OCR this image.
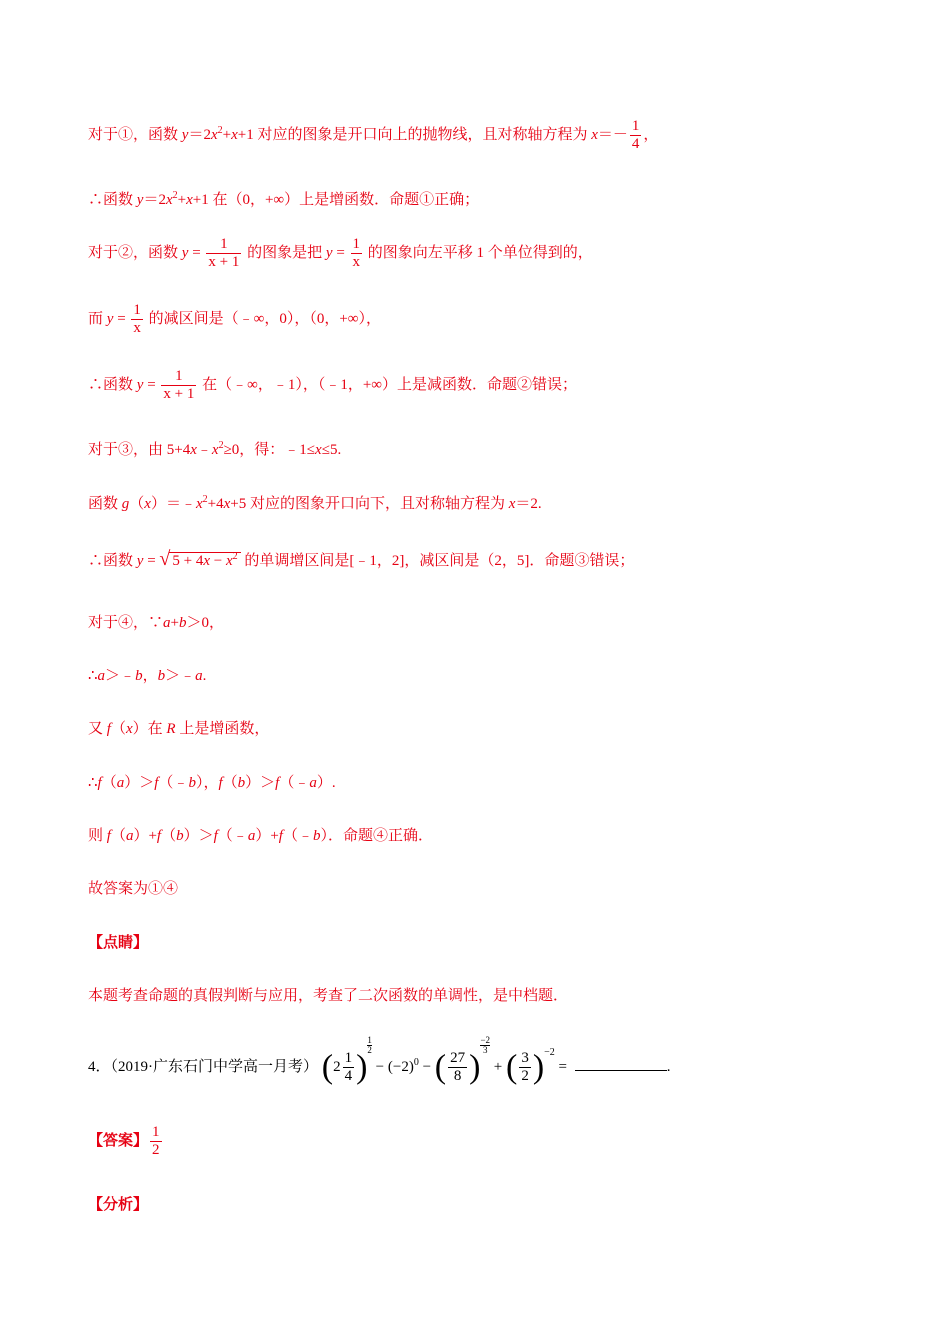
对于①，函数 $y=2x^2+x+1$ 对应的图象是开口向上的抛物线，且对称轴方程为 $x=- \frac{1}{4}$ ，
∴函数 $y=2x^2+x+1$ 在（0，+∞）上是增函数．命题①正确；
对于②，函数 $y = \frac{1}{x + 1}$ 的图象是把 $y = \frac{1}{x}$ 的图象向左平移 1 个单位得到的，
而 $y = \frac{1}{x}$ 的减区间是（﹣∞，0），（0，+∞），
∴函数 $y = \frac{1}{x + 1}$ 在（﹣∞，﹣1），（﹣1，+∞）上是减函数．命题②错误；
对于③，由 $5+4x﹣x^2\ge 0$，得：﹣1≤x≤5.
函数 $g(x)=﹣x^2+4x+5$ 对应的图象开口向下，且对称轴方程为 x＝2.
∴函数 y = √ $5 + 4x - x^2$ 的单调增区间是[﹣1，2]，减区间是（2，5]．命题③错误；
对于④，∵a+b＞0，
∴a＞﹣b，b＞﹣a.
又 f（x）在 R 上是增函数，
∴f（a）＞f（﹣b），f（b）＞f（﹣a）.
则 f（a）+f（b）＞f（﹣a）+f（﹣b）．命题④正确．
故答案为①④
【点睛】
本题考查命题的真假判断与应用，考查了二次函数的单调性，是中档题．
4．（2019·广东石门中学高一月考） $(2 \frac{1}{4} )\frac{1}{2}$
− $(-2)^0$ − ( $\frac{27}{8} )\frac{-2}{3}$
+ ( $\frac{3}{2} )^{-2}$ =	.
【答案】 $\frac{1}{2}$
【分析】
